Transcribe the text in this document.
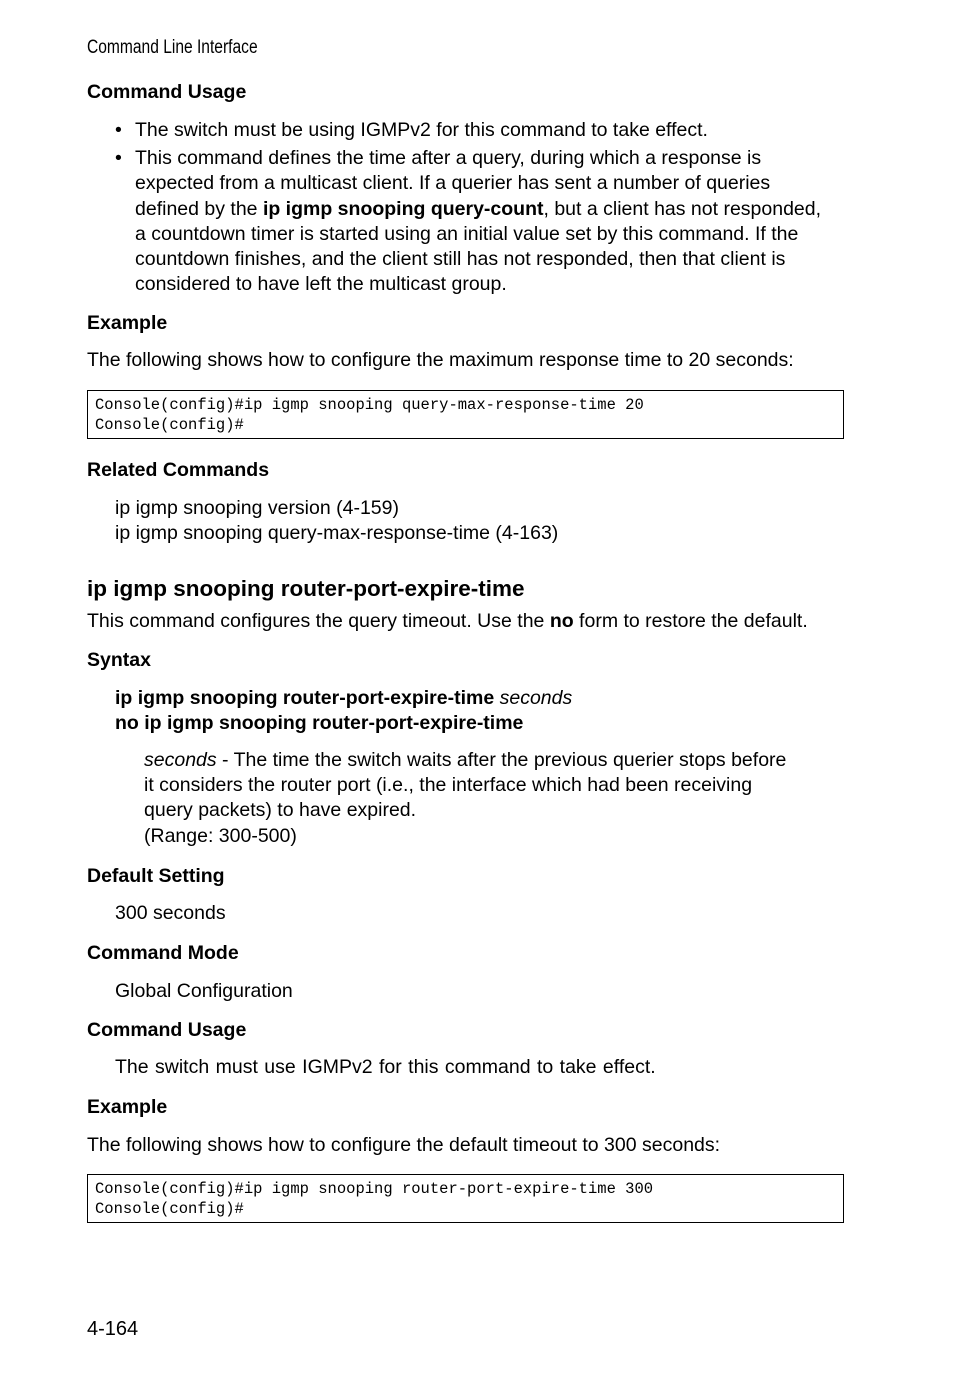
Command Line Interface
Command Usage
• The switch must be using IGMPv2 for this command to take effect.
• This command defines the time after a query, during which a response is
expected from a multicast client. If a querier has sent a number of queries
defined by the ip igmp snooping query-count, but a client has not responded,
a countdown timer is started using an initial value set by this command. If the
countdown finishes, and the client still has not responded, then that client is
considered to have left the multicast group.
Example
The following shows how to configure the maximum response time to 20 seconds:
Console(config)#ip igmp snooping query-max-response-time 20
Console(config)#
Related Commands
ip igmp snooping version (4-159)
ip igmp snooping query-max-response-time (4-163)
ip igmp snooping router-port-expire-time
This command configures the query timeout. Use the no form to restore the default.
Syntax
ip igmp snooping router-port-expire-time seconds
no ip igmp snooping router-port-expire-time
seconds - The time the switch waits after the previous querier stops before
it considers the router port (i.e., the interface which had been receiving
query packets) to have expired.
(Range: 300-500)
Default Setting
300 seconds
Command Mode
Global Configuration
Command Usage
The switch must use IGMPv2 for this command to take effect.
Example
The following shows how to configure the default timeout to 300 seconds:
Console(config)#ip igmp snooping router-port-expire-time 300
Console(config)#
4-164
